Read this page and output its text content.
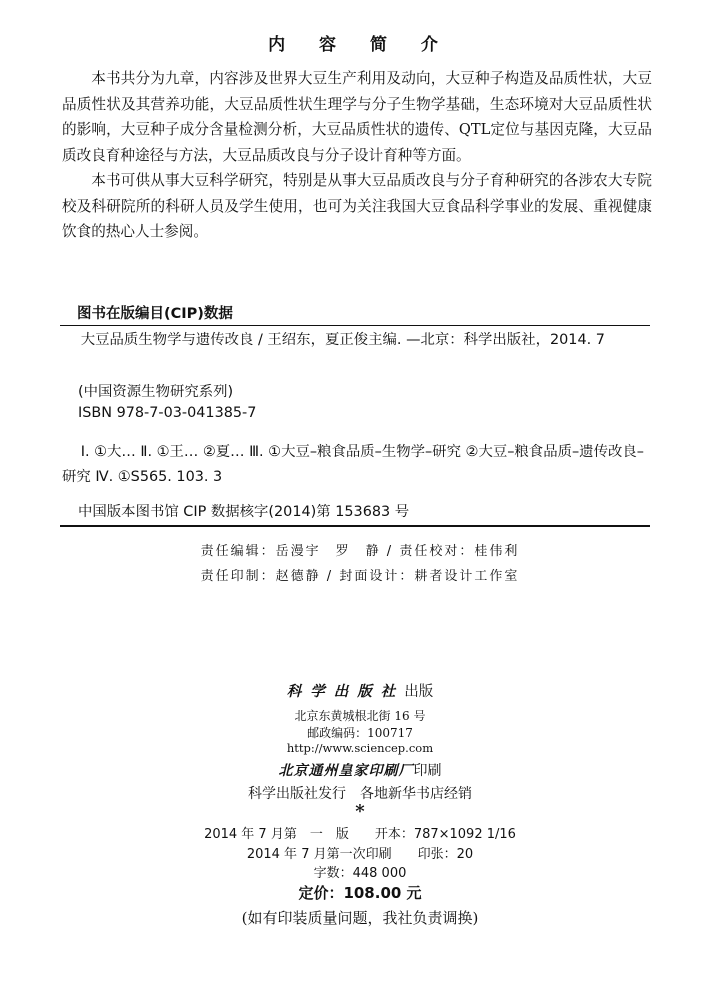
内 容 简 介

本书共分为九章，内容涉及世界大豆生产利用及动向，大豆种子构造及品质性状，大豆品质性状及其营养功能，大豆品质性状生理学与分子生物学基础，生态环境对大豆品质性状的影响，大豆种子成分含量检测分析，大豆品质性状的遗传、QTL定位与基因克隆，大豆品质改良育种途径与方法，大豆品质改良与分子设计育种等方面。

本书可供从事大豆科学研究，特别是从事大豆品质改良与分子育种研究的各涉农大专院校及科研院所的科研人员及学生使用，也可为关注我国大豆食品科学事业的发展、重视健康饮食的热心人士参阅。

图书在版编目(CIP)数据
大豆品质生物学与遗传改良 / 王绍东，夏正俊主编. —北京：科学出版社，2014. 7
(中国资源生物研究系列)
ISBN 978-7-03-041385-7
Ⅰ. ①大… Ⅱ. ①王… ②夏… Ⅲ. ①大豆–粮食品质–生物学–研究 ②大豆–粮食品质–遗传改良–研究 Ⅳ. ①S565. 103. 3
中国版本图书馆 CIP 数据核字(2014)第 153683 号
责任编辑：岳漫宇　罗　静 / 责任校对：桂伟利
责任印制：赵德静 / 封面设计：耕者设计工作室
科学出版社出版
北京东黄城根北街 16 号
邮政编码：100717
http://www.sciencep.com
北京通州皇家印刷厂印刷
科学出版社发行　各地新华书店经销
*
2014 年 7 月第　一　版　　开本：787×1092 1/16
2014 年 7 月第一次印刷　　印张：20
字数：448 000
定价：108.00 元
(如有印装质量问题，我社负责调换)
